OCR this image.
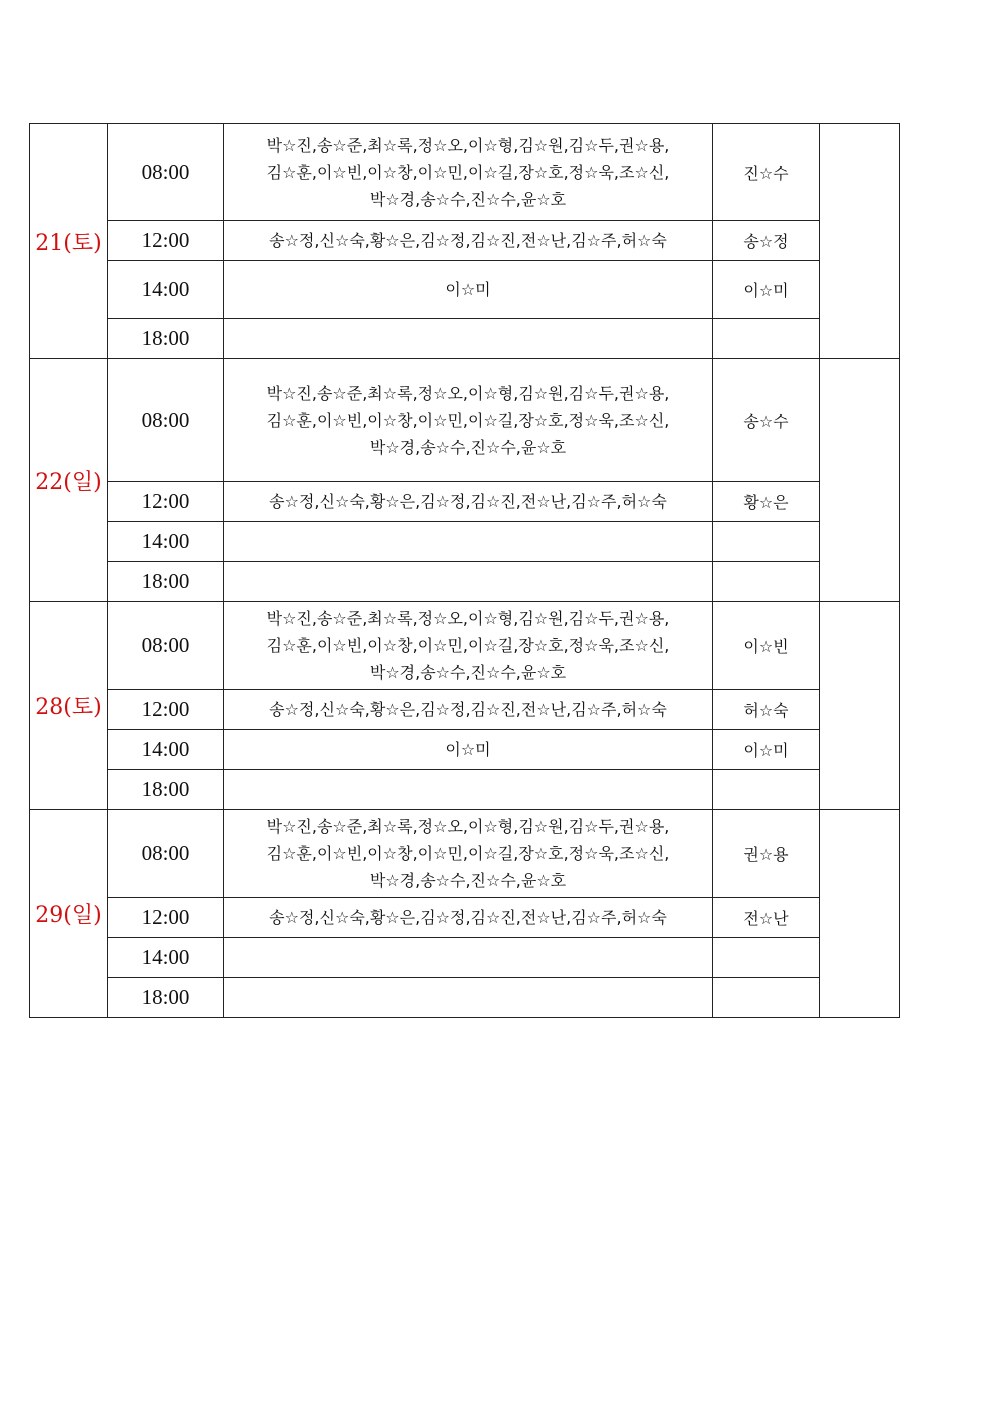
21(토)	08:00	박☆진,송☆준,최☆록,정☆오,이☆형,김☆원,김☆두,권☆용,
김☆훈,이☆빈,이☆창,이☆민,이☆길,장☆호,정☆욱,조☆신,
박☆경,송☆수,진☆수,윤☆호	진☆수	
	12:00	송☆정,신☆숙,황☆은,김☆정,김☆진,전☆난,김☆주,허☆숙	송☆정	
	14:00	이☆미	이☆미	
	18:00			
22(일)	08:00	박☆진,송☆준,최☆록,정☆오,이☆형,김☆원,김☆두,권☆용,
김☆훈,이☆빈,이☆창,이☆민,이☆길,장☆호,정☆욱,조☆신,
박☆경,송☆수,진☆수,윤☆호	송☆수	
	12:00	송☆정,신☆숙,황☆은,김☆정,김☆진,전☆난,김☆주,허☆숙	황☆은	
	14:00			
	18:00			
28(토)	08:00	박☆진,송☆준,최☆록,정☆오,이☆형,김☆원,김☆두,권☆용,
김☆훈,이☆빈,이☆창,이☆민,이☆길,장☆호,정☆욱,조☆신,
박☆경,송☆수,진☆수,윤☆호	이☆빈	
	12:00	송☆정,신☆숙,황☆은,김☆정,김☆진,전☆난,김☆주,허☆숙	허☆숙	
	14:00	이☆미	이☆미	
	18:00			
29(일)	08:00	박☆진,송☆준,최☆록,정☆오,이☆형,김☆원,김☆두,권☆용,
김☆훈,이☆빈,이☆창,이☆민,이☆길,장☆호,정☆욱,조☆신,
박☆경,송☆수,진☆수,윤☆호	권☆용	
	12:00	송☆정,신☆숙,황☆은,김☆정,김☆진,전☆난,김☆주,허☆숙	전☆난	
	14:00			
	18:00			
